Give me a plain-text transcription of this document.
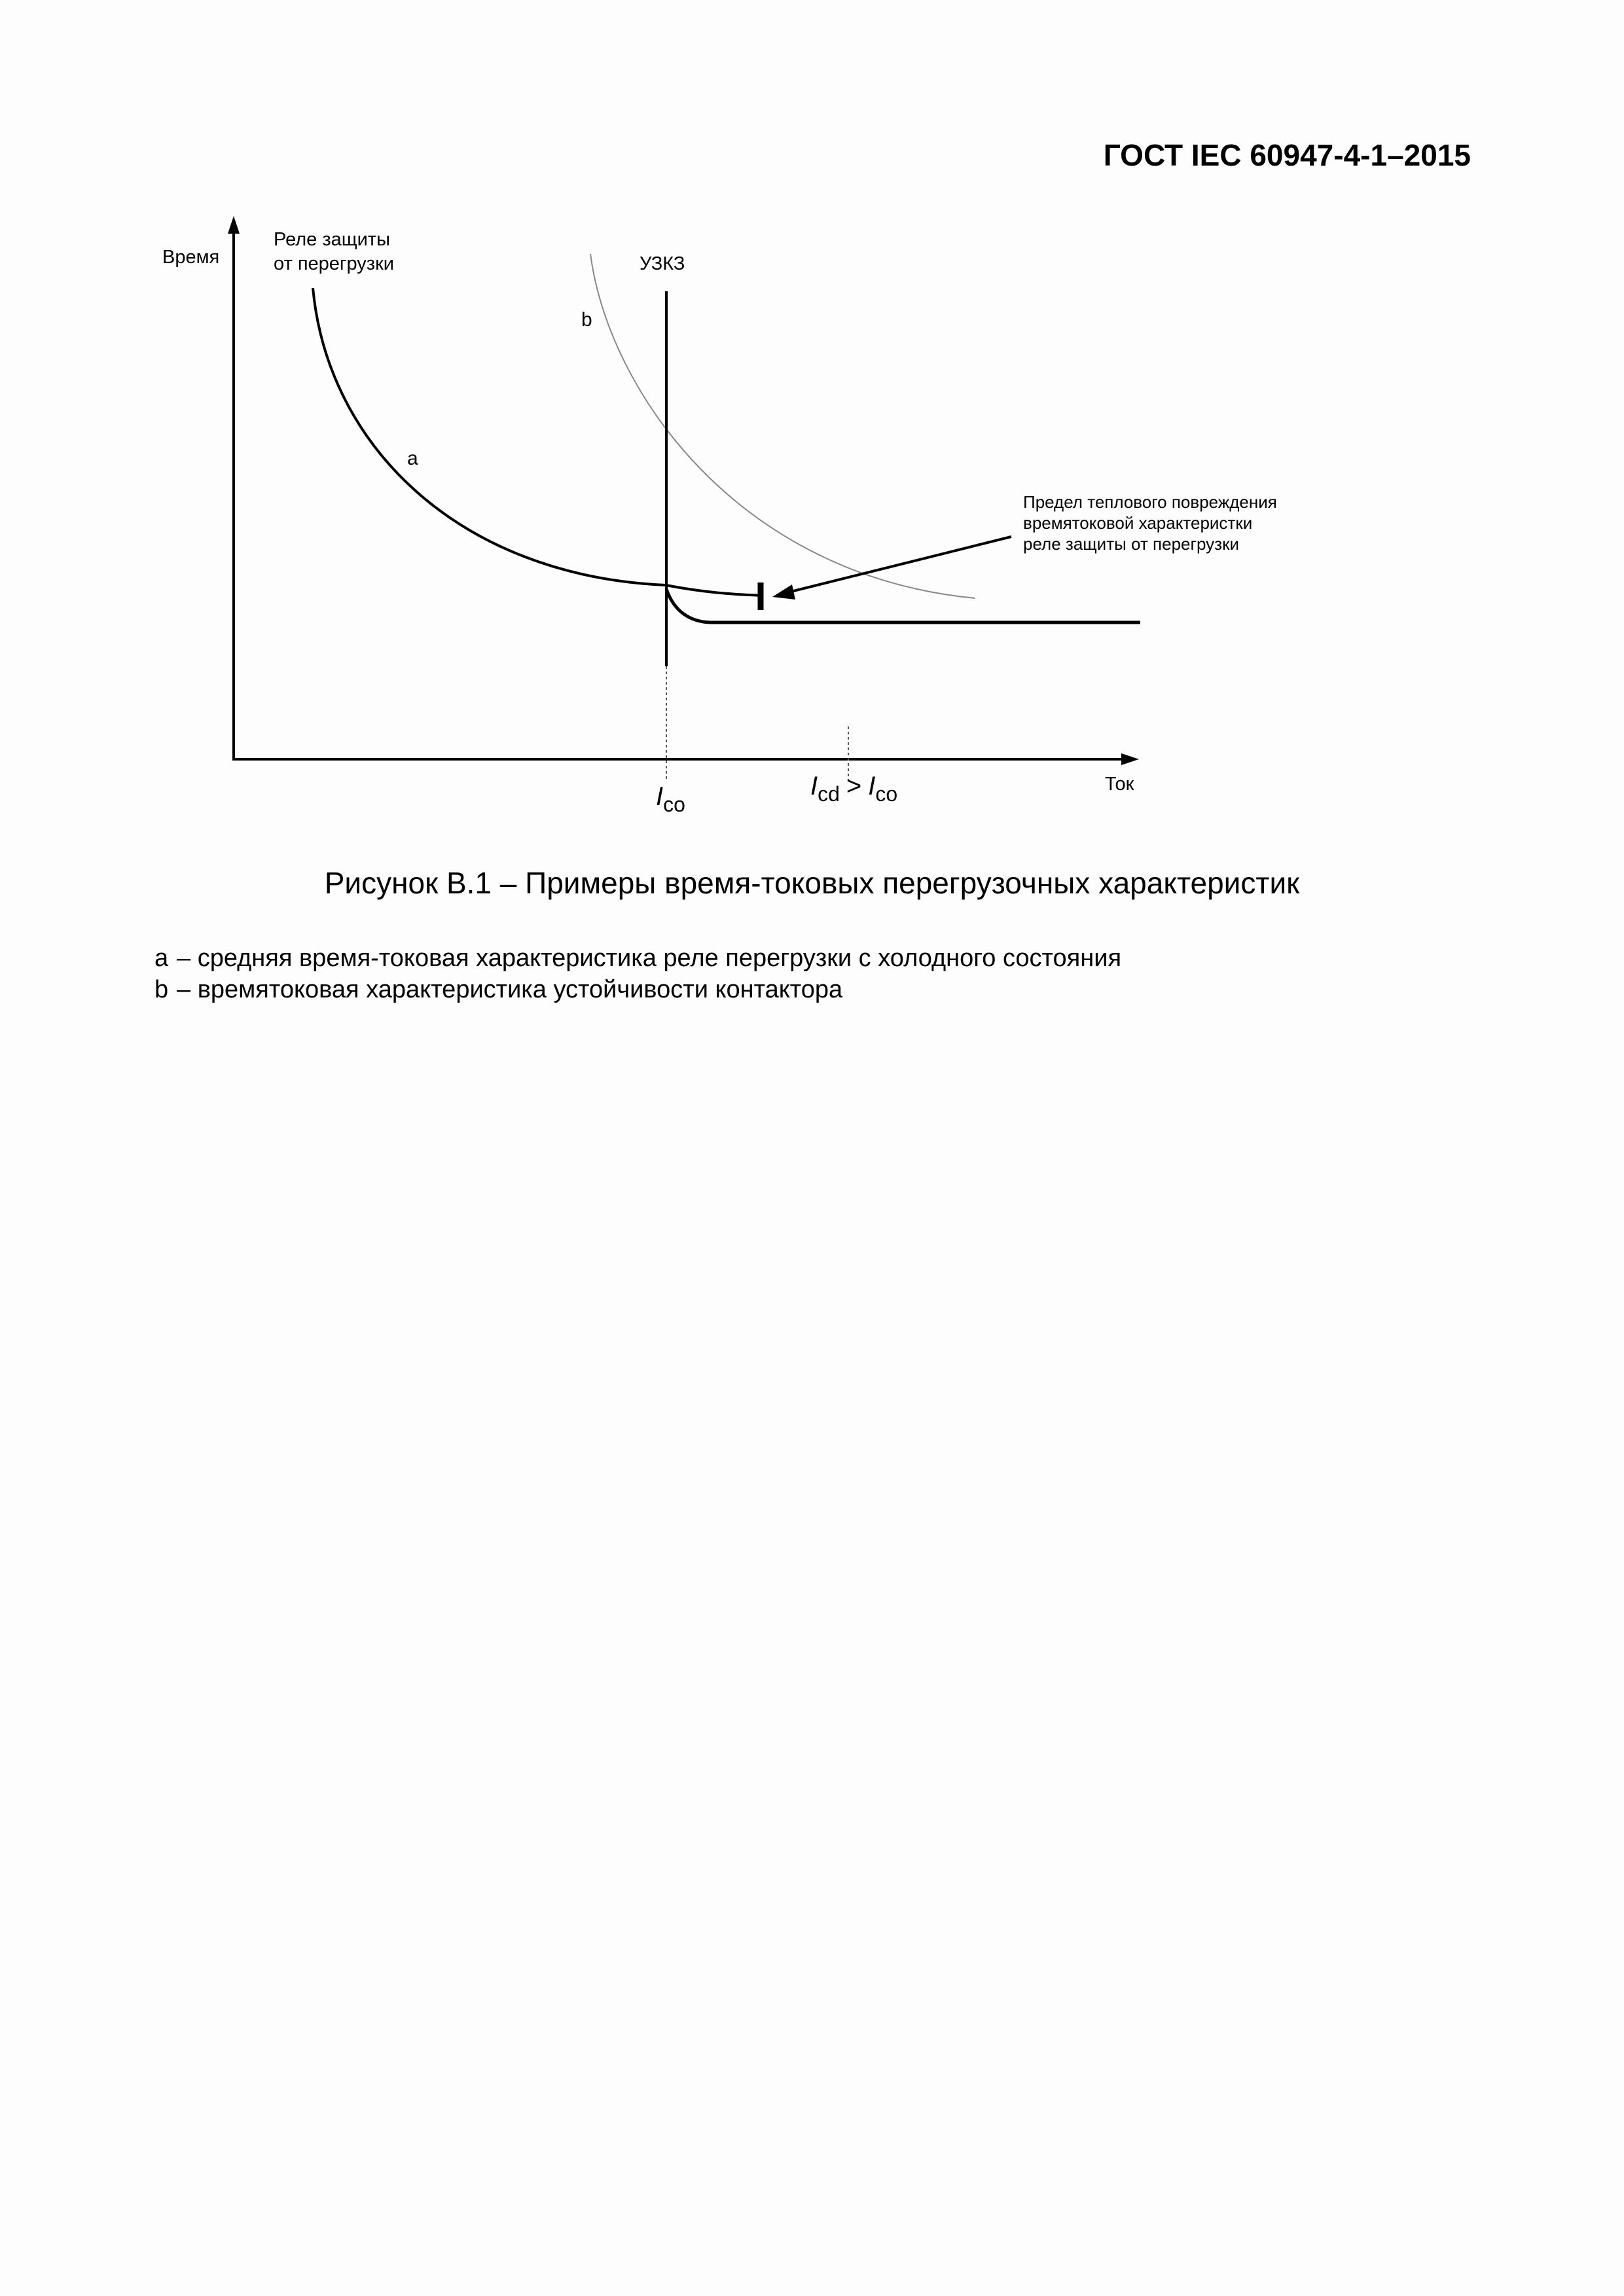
ГОСТ IEC 60947-4-1–2015
Время
Ток
Реле защиты
от перегрузки
a
b
УЗКЗ
Предел теплового повреждения
времятоковой характеристки
реле защиты от перегрузки
$I_{co}$
$I_{cd} > I_{co}$
Рисунок B.1 – Примеры время-токовых перегрузочных характеристик
a – средняя время-токовая характеристика реле перегрузки с холодного состояния
b – времятоковая характеристика устойчивости контактора
